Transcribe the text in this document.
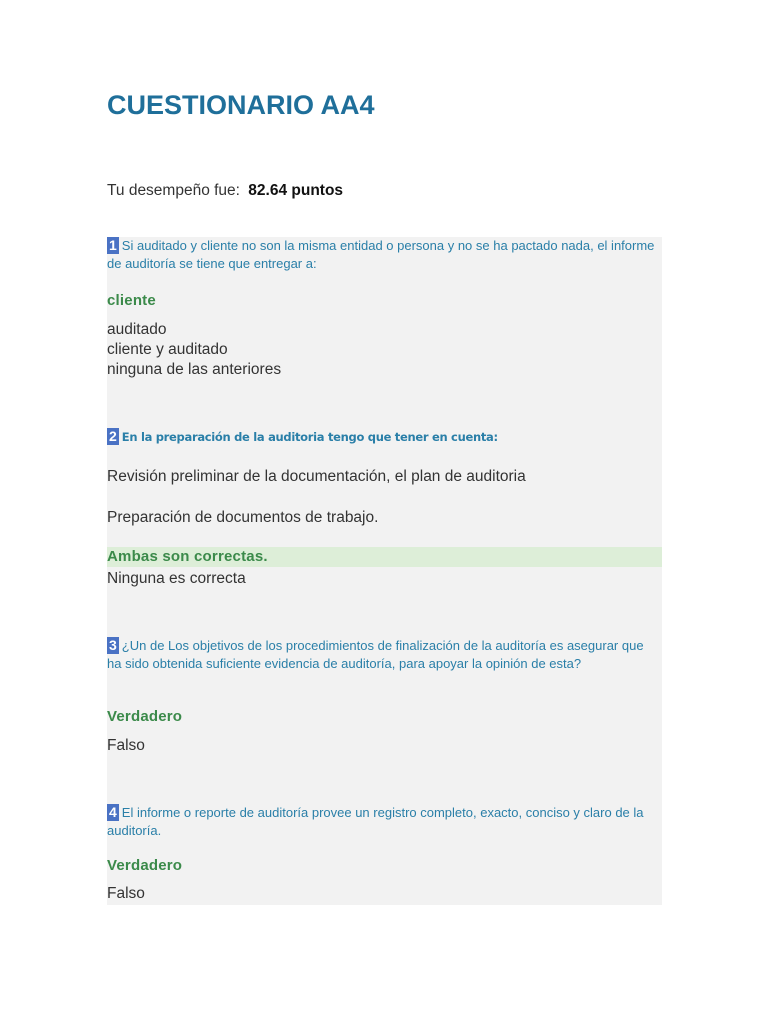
CUESTIONARIO AA4
Tu desempeño fue: 82.64 puntos
1 Si auditado y cliente no son la misma entidad o persona y no se ha pactado nada, el informe de auditoría se tiene que entregar a:
cliente
auditado
cliente y auditado
ninguna de las anteriores
2 En la preparación de la auditoria tengo que tener en cuenta:
Revisión preliminar de la documentación, el plan de auditoria
Preparación de documentos de trabajo.
Ambas son correctas.
Ninguna es correcta
3 ¿Un de Los objetivos de los procedimientos de finalización de la auditoría es asegurar que ha sido obtenida suficiente evidencia de auditoría, para apoyar la opinión de esta?
Verdadero
Falso
4 El informe o reporte de auditoría provee un registro completo, exacto, conciso y claro de la auditoría.
Verdadero
Falso
